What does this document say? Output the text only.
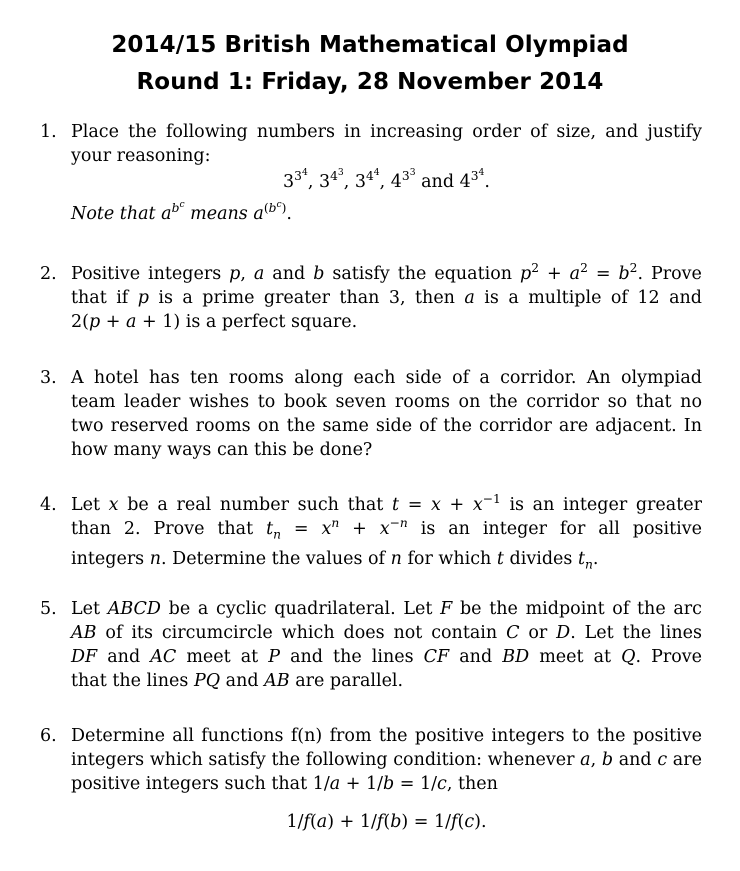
2014/15 British Mathematical Olympiad
Round 1: Friday, 28 November 2014
1. Place the following numbers in increasing order of size, and justify
your reasoning:
$3^{3^4}$, $3^{4^3}$, $3^{4^4}$, $4^{3^3}$ and $4^{3^4}$.
Note that $a^{b^c}$ means $a^{(b^c)}$.
2. Positive integers p, a and b satisfy the equation $p^2 + a^2 = b^2$. Prove
that if p is a prime greater than 3, then a is a multiple of 12 and
2(p + a + 1) is a perfect square.
3. A hotel has ten rooms along each side of a corridor. An olympiad
team leader wishes to book seven rooms on the corridor so that no
two reserved rooms on the same side of the corridor are adjacent. In
how many ways can this be done?
4. Let x be a real number such that $t = x + x^{-1}$ is an integer greater
than 2. Prove that $t_n = x^n + x^{-n}$ is an integer for all positive
integers n. Determine the values of n for which t divides $t_n$.
5. Let ABCD be a cyclic quadrilateral. Let F be the midpoint of the arc
AB of its circumcircle which does not contain C or D. Let the lines
DF and AC meet at P and the lines CF and BD meet at Q. Prove
that the lines PQ and AB are parallel.
6. Determine all functions f(n) from the positive integers to the positive
integers which satisfy the following condition: whenever a, b and c are
positive integers such that 1/a + 1/b = 1/c, then
1/f(a) + 1/f(b) = 1/f(c).
